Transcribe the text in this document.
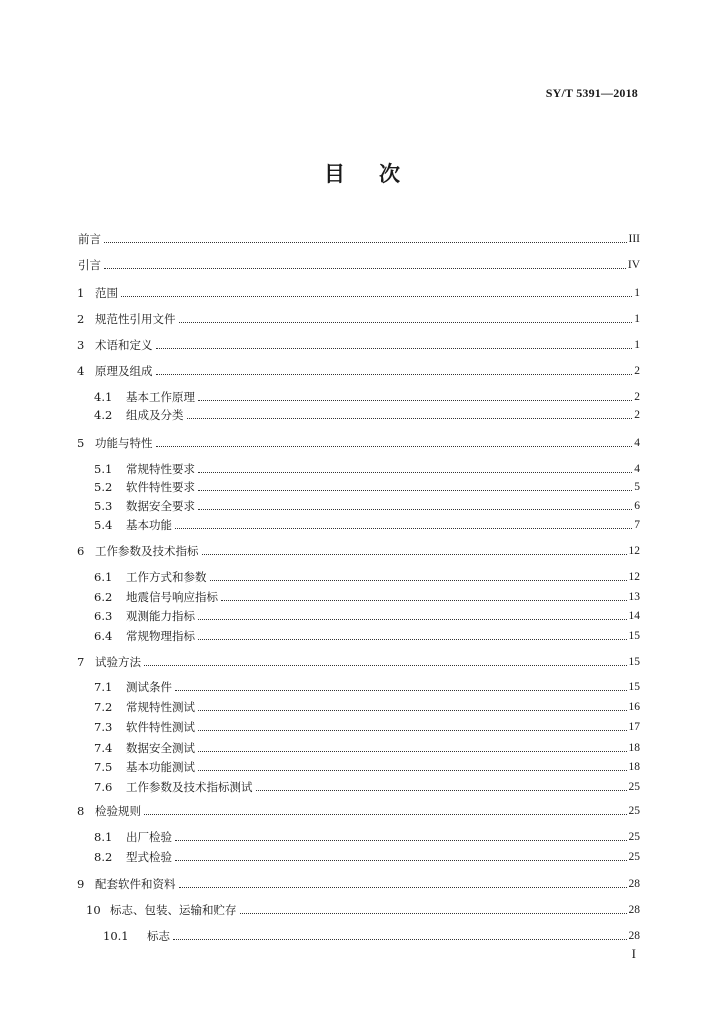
SY/T 5391—2018
目 次
前言	III
引言	IV
1 范围	1
2 规范性引用文件	1
3 术语和定义	1
4 原理及组成	2
4.1	基本工作原理	2
4.2	组成及分类	2
5 功能与特性	4
5.1	常规特性要求	4
5.2	软件特性要求	5
5.3	数据安全要求	6
5.4	基本功能	7
6 工作参数及技术指标	12
6.1	工作方式和参数	12
6.2	地震信号响应指标	13
6.3	观测能力指标	14
6.4	常规物理指标	15
7 试验方法	15
7.1	测试条件	15
7.2	常规特性测试	16
7.3	软件特性测试	17
7.4	数据安全测试	18
7.5	基本功能测试	18
7.6	工作参数及技术指标测试	25
8 检验规则	25
8.1	出厂检验	25
8.2	型式检验	25
9 配套软件和资料	28
10 标志、包装、运输和贮存	28
10.1	标志	28
I
